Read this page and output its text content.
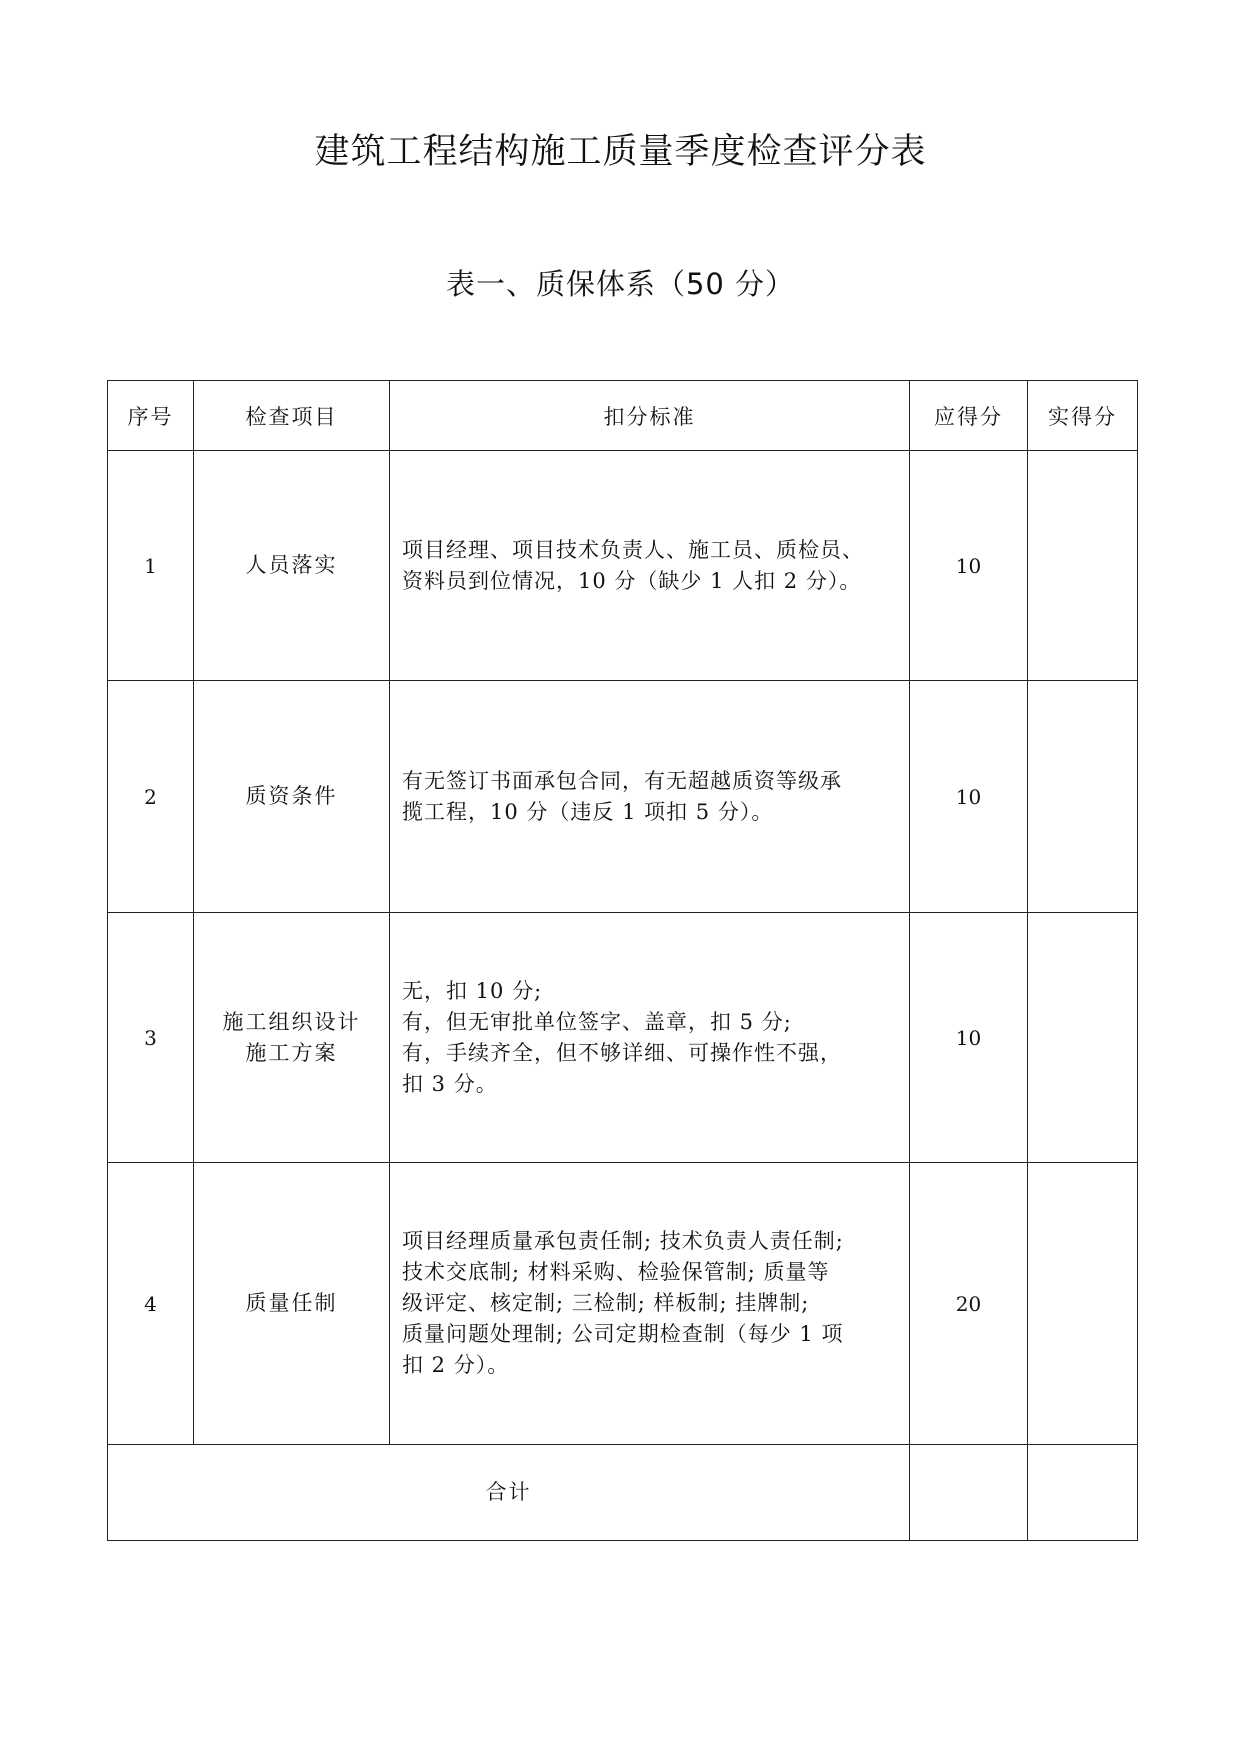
建筑工程结构施工质量季度检查评分表
表一、质保体系（50 分）
序号	检查项目	扣分标准	应得分	实得分
1	人员落实	项目经理、项目技术负责人、施工员、质检员、
资料员到位情况，10 分（缺少 1 人扣 2 分）。	10	
2	质资条件	有无签订书面承包合同，有无超越质资等级承
揽工程，10 分（违反 1 项扣 5 分）。	10	
3	施工组织设计
施工方案	无，扣 10 分;
有，但无审批单位签字、盖章，扣 5 分;
有，手续齐全，但不够详细、可操作性不强，
扣 3 分。	10	
4	质量任制	项目经理质量承包责任制; 技术负责人责任制;
技术交底制; 材料采购、检验保管制; 质量等
级评定、核定制; 三检制; 样板制; 挂牌制;
质量问题处理制; 公司定期检查制（每少 1 项
扣 2 分）。	20	
合计				
